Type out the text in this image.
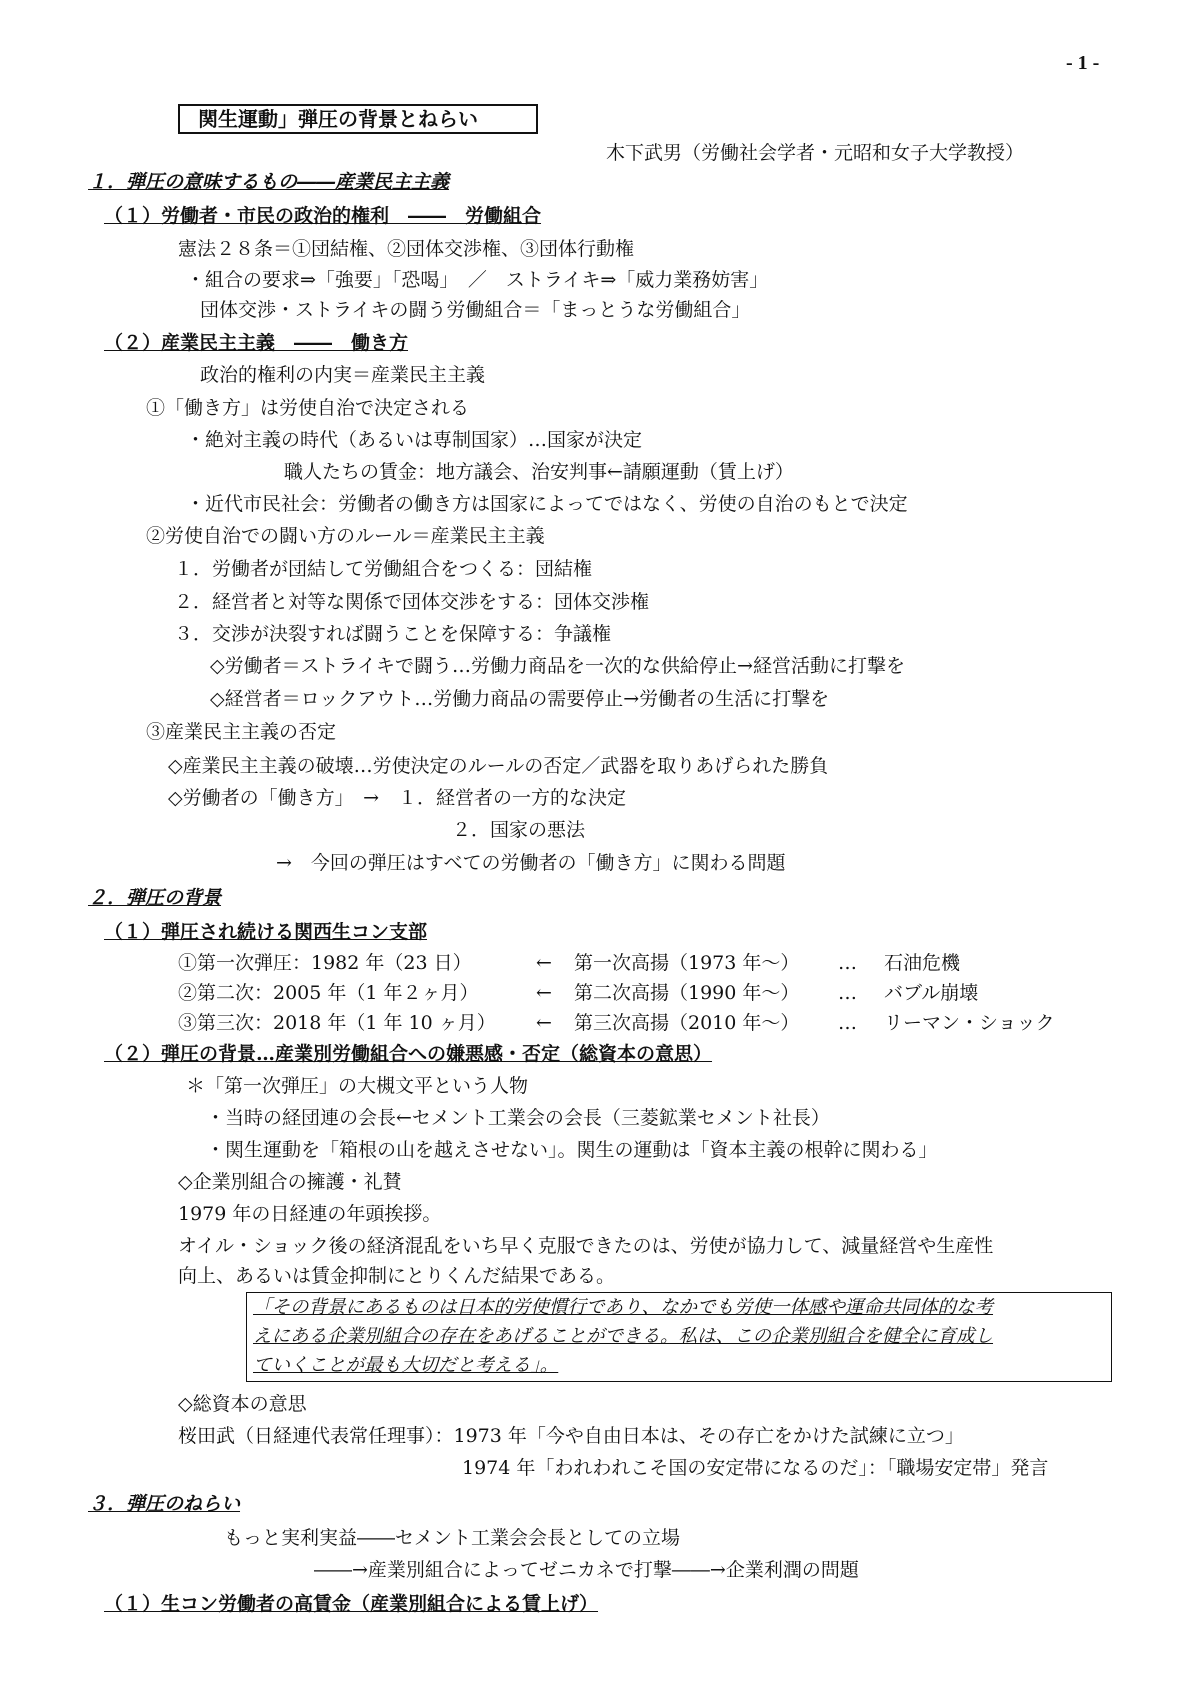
- 1 -
関生運動」弾圧の背景とねらい
木下武男（労働社会学者・元昭和女子大学教授）
１．弾圧の意味するもの――産業民主主義
（１）労働者・市民の政治的権利　――　労働組合
憲法２８条＝①団結権、②団体交渉権、③団体行動権
・組合の要求⇒「強要」「恐喝」　／　ストライキ⇒「威力業務妨害」
団体交渉・ストライキの闘う労働組合＝「まっとうな労働組合」
（２）産業民主主義　――　働き方
政治的権利の内実＝産業民主主義
①「働き方」は労使自治で決定される
・絶対主義の時代（あるいは専制国家）…国家が決定
職人たちの賃金：地方議会、治安判事←請願運動（賃上げ）
・近代市民社会：労働者の働き方は国家によってではなく、労使の自治のもとで決定
②労使自治での闘い方のルール＝産業民主主義
１．労働者が団結して労働組合をつくる：団結権
２．経営者と対等な関係で団体交渉をする：団体交渉権
３．交渉が決裂すれば闘うことを保障する：争議権
◇労働者＝ストライキで闘う…労働力商品を一次的な供給停止→経営活動に打撃を
◇経営者＝ロックアウト…労働力商品の需要停止→労働者の生活に打撃を
③産業民主主義の否定
◇産業民主主義の破壊…労使決定のルールの否定／武器を取りあげられた勝負
◇労働者の「働き方」　→　１．経営者の一方的な決定
２．国家の悪法
→　今回の弾圧はすべての労働者の「働き方」に関わる問題
２．弾圧の背景
（１）弾圧され続ける関西生コン支部
①第一次弾圧：1982 年（23 日）	← 第一次高揚（1973 年～） … 石油危機
②第二次：2005 年（1 年２ヶ月）	← 第二次高揚（1990 年～） … バブル崩壊
③第三次：2018 年（1 年 10 ヶ月） ← 第三次高揚（2010 年～） … リーマン・ショック
（２）弾圧の背景…産業別労働組合への嫌悪感・否定（総資本の意思）
＊「第一次弾圧」の大槻文平という人物
・当時の経団連の会長←セメント工業会の会長（三菱鉱業セメント社長）
・関生運動を「箱根の山を越えさせない」。関生の運動は「資本主義の根幹に関わる」
◇企業別組合の擁護・礼賛
1979 年の日経連の年頭挨拶。
オイル・ショック後の経済混乱をいち早く克服できたのは、労使が協力して、減量経営や生産性
向上、あるいは賃金抑制にとりくんだ結果である。
「その背景にあるものは日本的労使慣行であり、なかでも労使一体感や運命共同体的な考
えにある企業別組合の存在をあげることができる。私は、この企業別組合を健全に育成し
ていくことが最も大切だと考える」。
◇総資本の意思
桜田武（日経連代表常任理事）：1973 年「今や自由日本は、その存亡をかけた試練に立つ」
1974 年「われわれこそ国の安定帯になるのだ」：「職場安定帯」発言
３．弾圧のねらい
もっと実利実益――セメント工業会会長としての立場
――→産業別組合によってゼニカネで打撃――→企業利潤の問題
（１）生コン労働者の高賃金（産業別組合による賃上げ）
